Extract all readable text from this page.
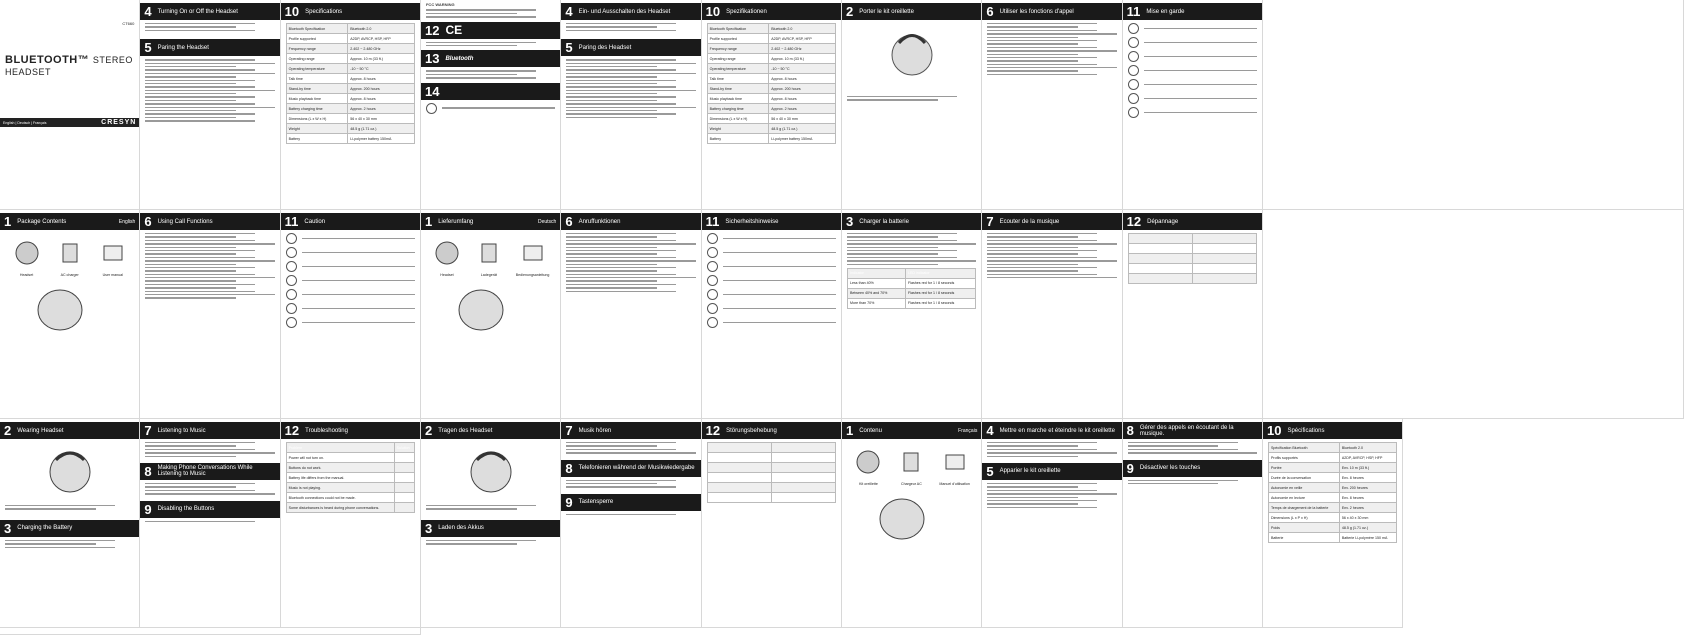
CT660
BLUETOOTH™ STEREO HEADSET
English | Deutsch | Français	CRESYN
4 Turning On or Off the Headset
5 Paring the Headset
10 Specifications
Bluetooth Specification	Bluetooth 2.0
Profile supported	A2DP, AVRCP, HSP, HFP
Frequency range	2.402 ~ 2.480 GHz
Operating range	Approx. 10 m (33 ft.)
Operating temperature	-10 ~ 50 °C
Talk time	Approx. 8 hours
Stand-by time	Approx. 200 hours
Music playback time	Approx. 8 hours
Battery charging time	Approx. 2 hours
Dimensions (L x W x H)	56 x 40 x 30 mm
Weight	48.5 g (1.71 oz.)
Battery	Li-polymer battery 150mA
FCC WARNING
12 CE
13 Bluetooth
14
4 Ein- und Ausschalten des Headset
5 Paring des Headset
10 Spezifikationen
Bluetooth Specification	Bluetooth 2.0
Profile supported	A2DP, AVRCP, HSP, HFP
Frequency range	2.402 ~ 2.480 GHz
Operating range	Approx. 10 m (33 ft.)
Operating temperature	-10 ~ 50 °C
Talk time	Approx. 8 hours
Stand-by time	Approx. 200 hours
Music playback time	Approx. 8 hours
Battery charging time	Approx. 2 hours
Dimensions (L x W x H)	56 x 40 x 30 mm
Weight	48.5 g (1.71 oz.)
Battery	Li-polymer battery 150mA
2 Porter le kit oreillette	6 Utiliser les fonctions d'appel	11 Mise en garde
1 Package Contents	English
Headset	AC charger	User manual
6 Using Call Functions	11 Caution	1 Lieferumfang	Deutsch
Headset	Ladegerät	Bedienungsanleitung
6 Anruffunktionen	11 Sicherheitshinweise	3 Charger la batterie
Indicator	LED indicator
Less than 40%	Flashes red for 1 / 8 seconds
Between 40% and 70%	Flashes red for 1 / 8 seconds
More than 70%	Flashes red for 1 / 8 seconds
7 Ecouter de la musique	12 Dépannage

2 Wearing Headset
3 Charging the Battery
7 Listening to Music
8 Making Phone Conversations While Listening to Music
9 Disabling the Buttons
12 Troubleshooting
Problem	Solution
Power will not turn on.	
Buttons do not work.	
Battery life differs from the manual.	
Music is not playing.	
Bluetooth connections could not be made.	
Some disturbances is heard during phone conversations.	
2 Tragen des Headset
3 Laden des Akkus
7 Musik hören
8 Telefonieren während der Musikwiedergabe
9 Tastensperre
12 Störungsbehebung

		1 Contenu	Français
Kit oreillette	Chargeur AC	Manuel d'utilisation
4 Mettre en marche et éteindre le kit oreillette
5 Apparier le kit oreillette
8 Gérer des appels en écoutant de la musique.
9 Désactiver les touches
10 Spécifications
Spécification Bluetooth	Bluetooth 2.0
Profils supportés	A2DP, AVRCP, HSP, HFP
Portée	Env. 10 m (33 ft.)
Durée de la conversation	Env. 8 heures
Autonomie en veille	Env. 200 heures
Autonomie en lecture	Env. 8 heures
Temps de chargement de la batterie	Env. 2 heures
Dimensions (L x P x H)	56 x 40 x 30 mm
Poids	48.5 g (1.71 oz.)
Batterie	Batterie Li-polymère 150 mA
